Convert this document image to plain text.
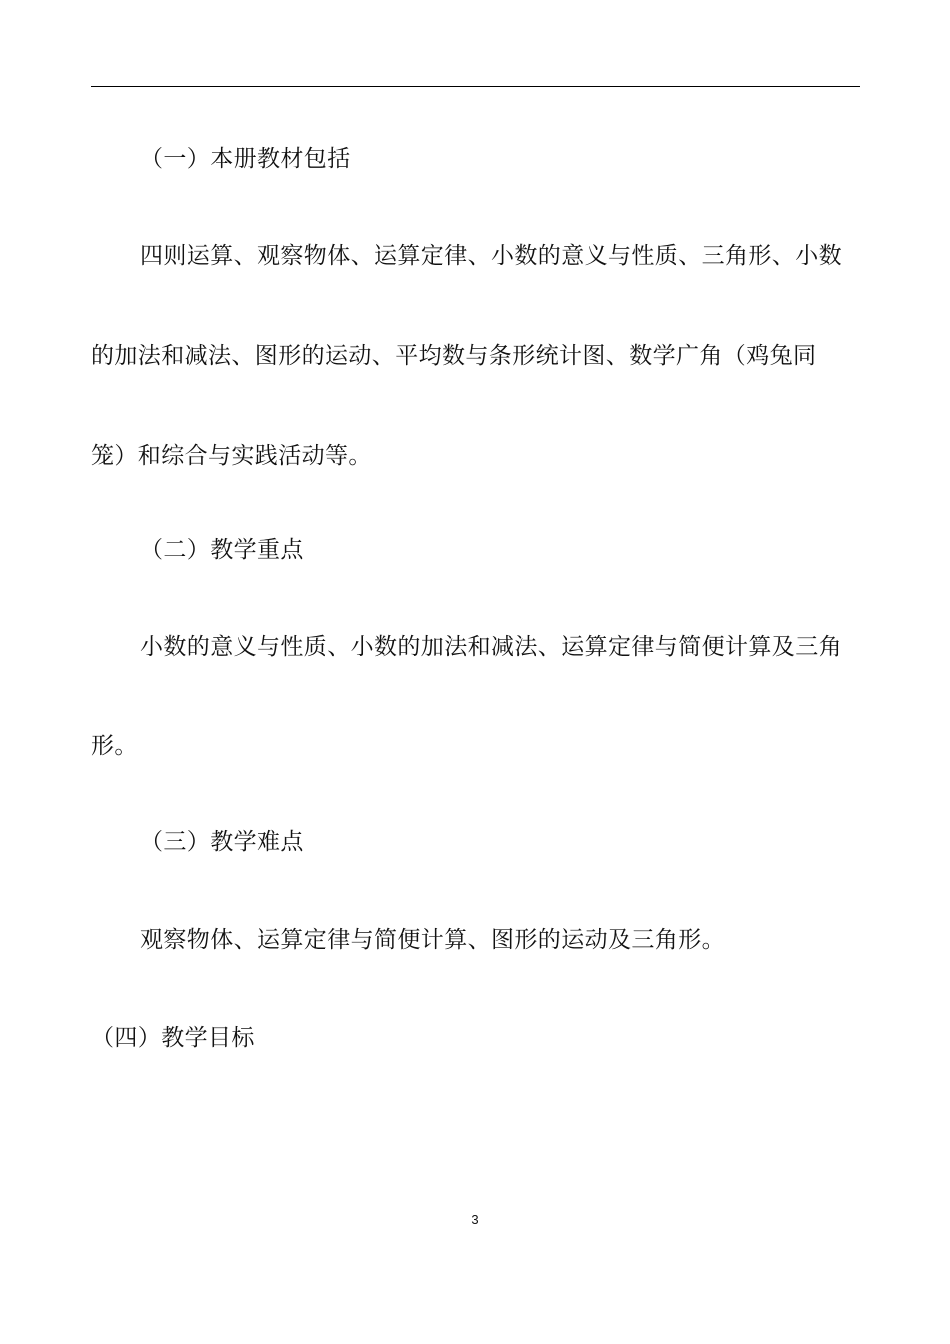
（一）本册教材包括
四则运算、观察物体、运算定律、小数的意义与性质、三角形、小数
的加法和减法、图形的运动、平均数与条形统计图、数学广角（鸡兔同
笼）和综合与实践活动等。
（二）教学重点
小数的意义与性质、小数的加法和减法、运算定律与简便计算及三角
形。
（三）教学难点
观察物体、运算定律与简便计算、图形的运动及三角形。
（四）教学目标
3
